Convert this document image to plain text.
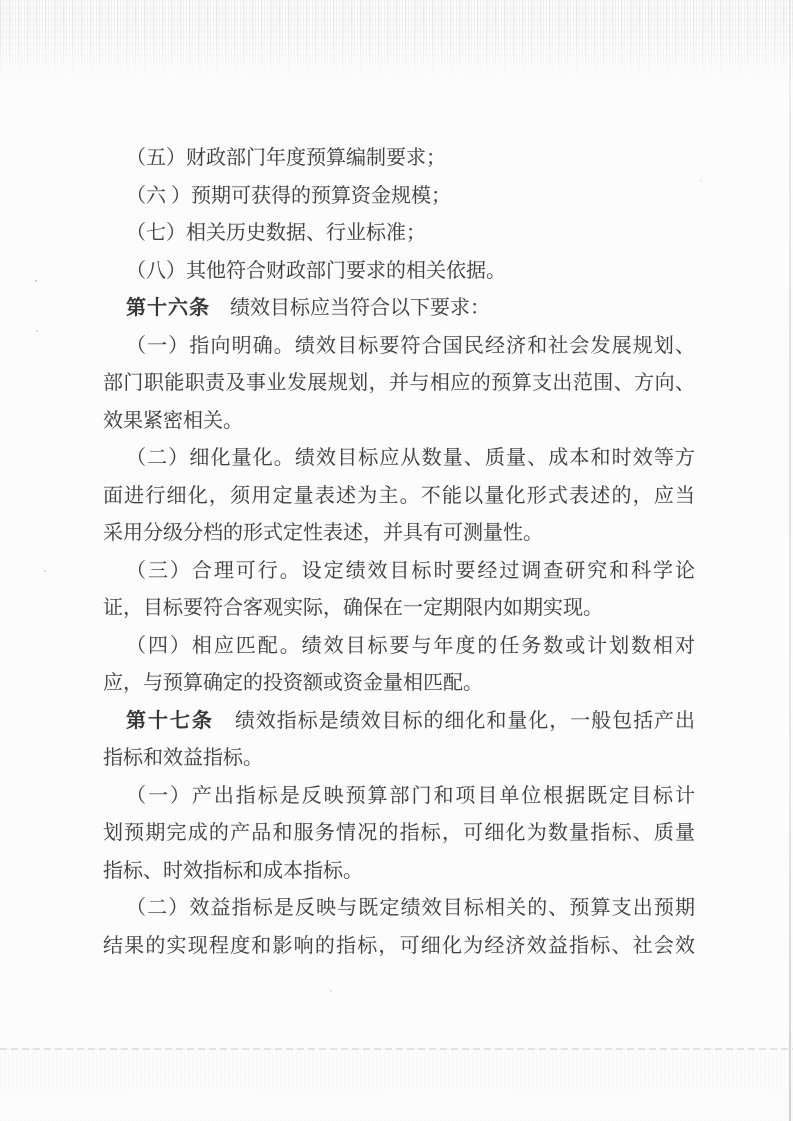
（五）财政部门年度预算编制要求；
（六 ）预期可获得的预算资金规模；
（七）相关历史数据、行业标准；
（八）其他符合财政部门要求的相关依据。
第十六条　绩效目标应当符合以下要求：
（一）指向明确。绩效目标要符合国民经济和社会发展规划、
部门职能职责及事业发展规划，并与相应的预算支出范围、方向、
效果紧密相关。
（二）细化量化。绩效目标应从数量、质量、成本和时效等方
面进行细化，须用定量表述为主。不能以量化形式表述的，应当
采用分级分档的形式定性表述，并具有可测量性。
（三）合理可行。设定绩效目标时要经过调查研究和科学论
证，目标要符合客观实际，确保在一定期限内如期实现。
（四）相应匹配。绩效目标要与年度的任务数或计划数相对
应，与预算确定的投资额或资金量相匹配。
第十七条　绩效指标是绩效目标的细化和量化，一般包括产出
指标和效益指标。
（一）产出指标是反映预算部门和项目单位根据既定目标计
划预期完成的产品和服务情况的指标，可细化为数量指标、质量
指标、时效指标和成本指标。
（二）效益指标是反映与既定绩效目标相关的、预算支出预期
结果的实现程度和影响的指标，可细化为经济效益指标、社会效
